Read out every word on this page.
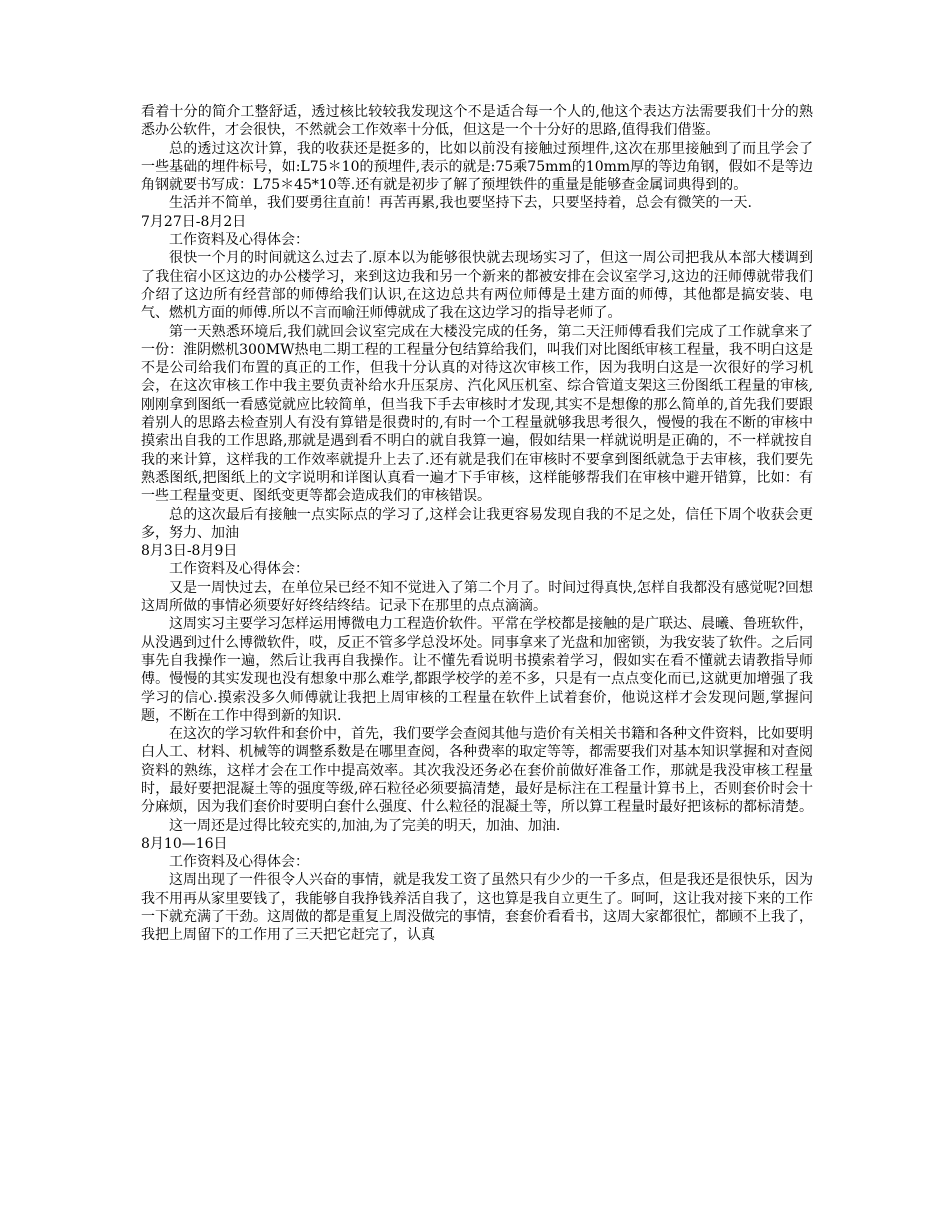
看着十分的简介工整舒适，透过核比较较我发现这个不是适合每一个人的,他这个表达方法需要我们十分的熟悉办公软件，才会很快，不然就会工作效率十分低，但这是一个十分好的思路,值得我们借鉴。

总的透过这次计算，我的收获还是挺多的，比如以前没有接触过预埋件,这次在那里接触到了而且学会了一些基础的埋件标号，如:L75＊10的预埋件,表示的就是:75乘75mm的10mm厚的等边角钢，假如不是等边角钢就要书写成：L75＊45*10等.还有就是初步了解了预埋铁件的重量是能够查金属词典得到的。

生活并不简单，我们要勇往直前！再苦再累,我也要坚持下去，只要坚持着，总会有微笑的一天.

7月27日-8月2日

工作资料及心得体会：

很快一个月的时间就这么过去了.原本以为能够很快就去现场实习了，但这一周公司把我从本部大楼调到了我住宿小区这边的办公楼学习，来到这边我和另一个新来的都被安排在会议室学习,这边的汪师傅就带我们介绍了这边所有经营部的师傅给我们认识,在这边总共有两位师傅是土建方面的师傅，其他都是搞安装、电气、燃机方面的师傅.所以不言而喻汪师傅就成了我在这边学习的指导老师了。

第一天熟悉环境后,我们就回会议室完成在大楼没完成的任务，第二天汪师傅看我们完成了工作就拿来了一份：淮阴燃机300MW热电二期工程的工程量分包结算给我们，叫我们对比图纸审核工程量，我不明白这是不是公司给我们布置的真正的工作，但我十分认真的对待这次审核工作，因为我明白这是一次很好的学习机会，在这次审核工作中我主要负责补给水升压泵房、汽化风压机室、综合管道支架这三份图纸工程量的审核,刚刚拿到图纸一看感觉就应比较简单，但当我下手去审核时才发现,其实不是想像的那么简单的,首先我们要跟着别人的思路去检查别人有没有算错是很费时的,有时一个工程量就够我思考很久，慢慢的我在不断的审核中摸索出自我的工作思路,那就是遇到看不明白的就自我算一遍，假如结果一样就说明是正确的，不一样就按自我的来计算，这样我的工作效率就提升上去了.还有就是我们在审核时不要拿到图纸就急于去审核，我们要先熟悉图纸,把图纸上的文字说明和详图认真看一遍才下手审核，这样能够帮我们在审核中避开错算，比如：有一些工程量变更、图纸变更等都会造成我们的审核错误。

总的这次最后有接触一点实际点的学习了,这样会让我更容易发现自我的不足之处，信任下周个收获会更多，努力、加油

8月3日-8月9日

工作资料及心得体会：

又是一周快过去，在单位呆已经不知不觉进入了第二个月了。时间过得真快,怎样自我都没有感觉呢?回想这周所做的事情必须要好好终结终结。记录下在那里的点点滴滴。

这周实习主要学习怎样运用博微电力工程造价软件。平常在学校都是接触的是广联达、晨曦、鲁班软件，从没遇到过什么博微软件，哎，反正不管多学总没坏处。同事拿来了光盘和加密锁，为我安装了软件。之后同事先自我操作一遍，然后让我再自我操作。让不懂先看说明书摸索着学习，假如实在看不懂就去请教指导师傅。慢慢的其实发现也没有想象中那么难学,都跟学校学的差不多，只是有一点点变化而已,这就更加增强了我学习的信心.摸索没多久师傅就让我把上周审核的工程量在软件上试着套价，他说这样才会发现问题,掌握问题，不断在工作中得到新的知识.

在这次的学习软件和套价中，首先，我们要学会查阅其他与造价有关相关书籍和各种文件资料，比如要明白人工、材料、机械等的调整系数是在哪里查阅，各种费率的取定等等，都需要我们对基本知识掌握和对查阅资料的熟练，这样才会在工作中提高效率。其次我没还务必在套价前做好准备工作，那就是我没审核工程量时，最好要把混凝土等的强度等级,碎石粒径必须要搞清楚，最好是标注在工程量计算书上，否则套价时会十分麻烦，因为我们套价时要明白套什么强度、什么粒径的混凝土等，所以算工程量时最好把该标的都标清楚。

这一周还是过得比较充实的,加油,为了完美的明天，加油、加油.

8月10—16日

工作资料及心得体会：

这周出现了一件很令人兴奋的事情，就是我发工资了虽然只有少少的一千多点，但是我还是很快乐，因为我不用再从家里要钱了，我能够自我挣钱养活自我了，这也算是我自立更生了。呵呵，这让我对接下来的工作一下就充满了干劲。这周做的都是重复上周没做完的事情，套套价看看书，这周大家都很忙，都顾不上我了，我把上周留下的工作用了三天把它赶完了，认真
